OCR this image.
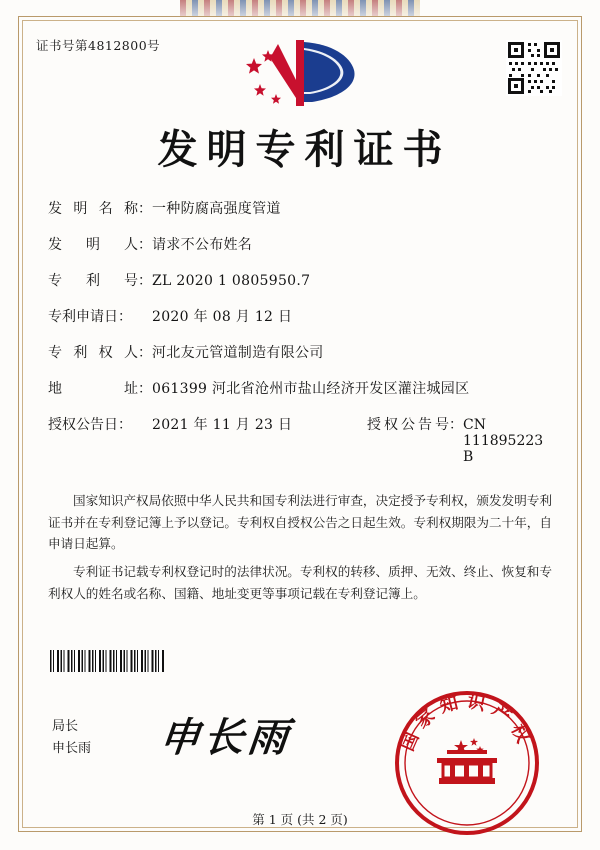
证书号第4812800号
发明专利证书
发 明 名 称： 一种防腐高强度管道
发 明 人： 请求不公布姓名
专 利 号： ZL 2020 1 0805950.7
专利申请日：	2020 年 08 月 12 日
专 利 权 人： 河北友元管道制造有限公司
地	址： 061399 河北省沧州市盐山经济开发区灌注城园区
授权公告日：	2021 年 11 月 23 日	授 权 公 告 号： CN 111895223 B

国家知识产权局依照中华人民共和国专利法进行审查，决定授予专利权，颁发发明专利证书并在专利登记簿上予以登记。专利权自授权公告之日起生效。专利权期限为二十年，自申请日起算。

专利证书记载专利权登记时的法律状况。专利权的转移、质押、无效、终止、恢复和专利权人的姓名或名称、国籍、地址变更等事项记载在专利登记簿上。

局长
申长雨 申长雨	国家知识产权
第 1 页 (共 2 页)
